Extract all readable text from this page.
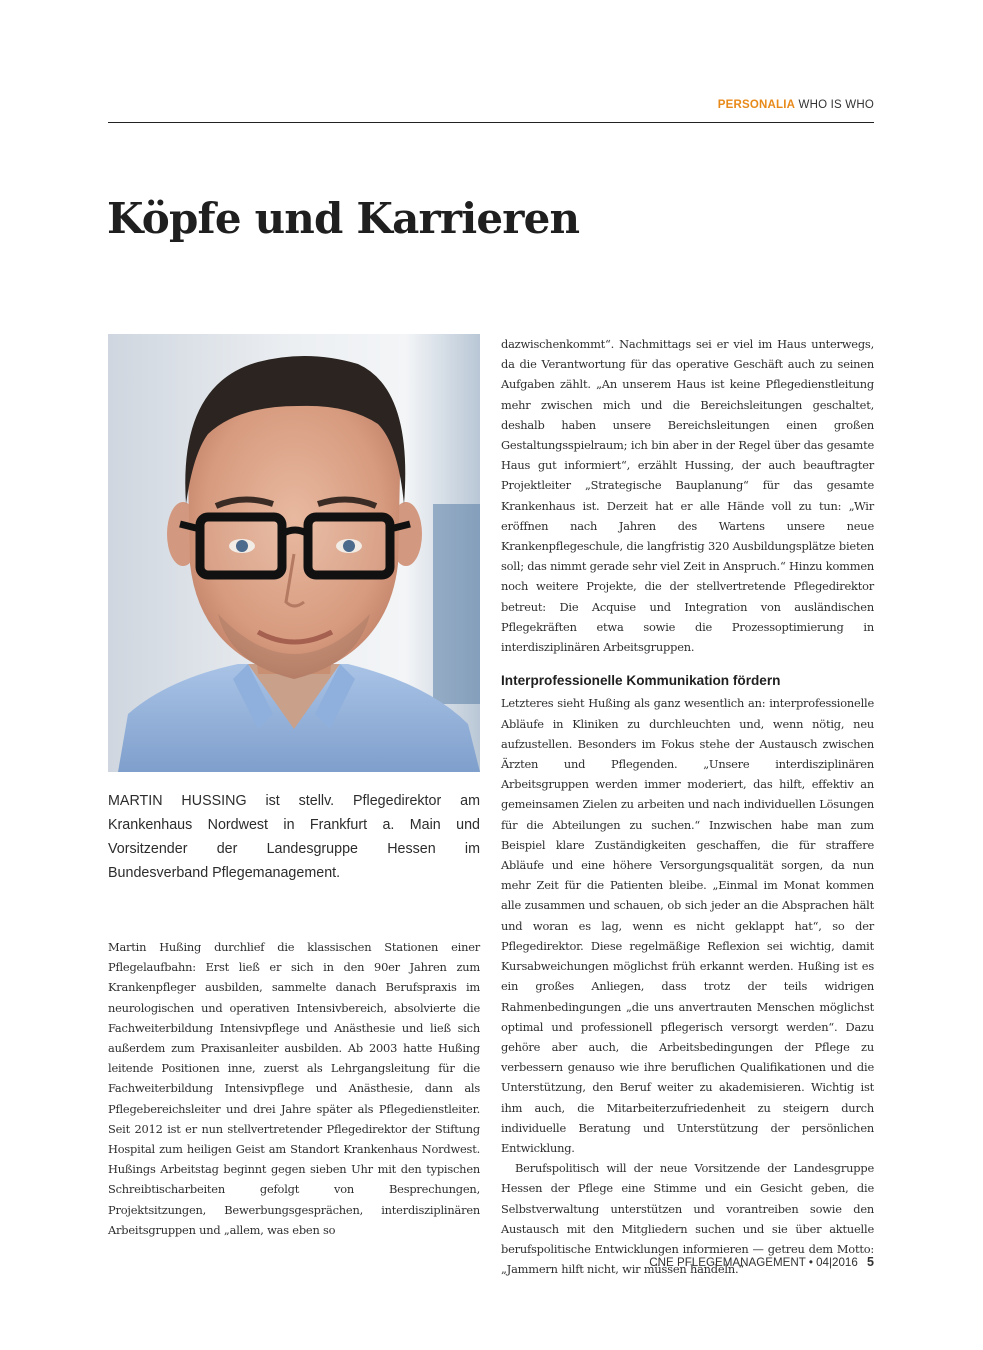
PERSONALIA WHO IS WHO
Köpfe und Karrieren
MARTIN HUSSING ist stellv. Pflegedirektor am Krankenhaus Nordwest in Frankfurt a. Main und Vorsitzender der Landesgruppe Hessen im Bundesverband Pflegemanagement.

Martin Hußing durchlief die klassischen Stationen einer Pflegelaufbahn: Erst ließ er sich in den 90er Jahren zum Krankenpfleger ausbilden, sammelte danach Berufspraxis im neurologischen und operativen Intensivbereich, absolvierte die Fachweiterbildung Intensivpflege und Anästhesie und ließ sich außerdem zum Praxisanleiter ausbilden. Ab 2003 hatte Hußing leitende Positionen inne, zuerst als Lehrgangsleitung für die Fachweiterbildung Intensivpflege und Anästhesie, dann als Pflegebereichsleiter und drei Jahre später als Pflegedienstleiter. Seit 2012 ist er nun stellvertretender Pflegedirektor der Stiftung Hospital zum heiligen Geist am Standort Krankenhaus Nordwest. Hußings Arbeitstag beginnt gegen sieben Uhr mit den typischen Schreibtischarbeiten gefolgt von Besprechungen, Projektsitzungen, Bewerbungsgesprächen, interdisziplinären Arbeitsgruppen und „allem, was eben so

dazwischenkommt“. Nachmittags sei er viel im Haus unterwegs, da die Verantwortung für das operative Geschäft auch zu seinen Aufgaben zählt. „An unserem Haus ist keine Pflegedienstleitung mehr zwischen mich und die Bereichsleitungen geschaltet, deshalb haben unsere Bereichsleitungen einen großen Gestaltungsspielraum; ich bin aber in der Regel über das gesamte Haus gut informiert“, erzählt Hussing, der auch beauftragter Projektleiter „Strategische Bauplanung“ für das gesamte Krankenhaus ist. Derzeit hat er alle Hände voll zu tun: „Wir eröffnen nach Jahren des Wartens unsere neue Krankenpflegeschule, die langfristig 320 Ausbildungsplätze bieten soll; das nimmt gerade sehr viel Zeit in Anspruch.“ Hinzu kommen noch weitere Projekte, die der stellvertretende Pflegedirektor betreut: Die Acquise und Integration von ausländischen Pflegekräften etwa sowie die Prozessoptimierung in interdisziplinären Arbeitsgruppen.

Interprofessionelle Kommunikation fördern

Letzteres sieht Hußing als ganz wesentlich an: interprofessionelle Abläufe in Kliniken zu durchleuchten und, wenn nötig, neu aufzustellen. Besonders im Fokus stehe der Austausch zwischen Ärzten und Pflegenden. „Unsere interdisziplinären Arbeitsgruppen werden immer moderiert, das hilft, effektiv an gemeinsamen Zielen zu arbeiten und nach individuellen Lösungen für die Abteilungen zu suchen.“ Inzwischen habe man zum Beispiel klare Zuständigkeiten geschaffen, die für straffere Abläufe und eine höhere Versorgungsqualität sorgen, da nun mehr Zeit für die Patienten bleibe. „Einmal im Monat kommen alle zusammen und schauen, ob sich jeder an die Absprachen hält und woran es lag, wenn es nicht geklappt hat“, so der Pflegedirektor. Diese regelmäßige Reflexion sei wichtig, damit Kursabweichungen möglichst früh erkannt werden. Hußing ist es ein großes Anliegen, dass trotz der teils widrigen Rahmenbedingungen „die uns anvertrauten Menschen möglichst optimal und professionell pflegerisch versorgt werden“. Dazu gehöre aber auch, die Arbeitsbedingungen der Pflege zu verbessern genauso wie ihre beruflichen Qualifikationen und die Unterstützung, den Beruf weiter zu akademisieren. Wichtig ist ihm auch, die Mitarbeiterzufriedenheit zu steigern durch individuelle Beratung und Unterstützung der persönlichen Entwicklung.

Berufspolitisch will der neue Vorsitzende der Landesgruppe Hessen der Pflege eine Stimme und ein Gesicht geben, die Selbstverwaltung unterstützen und vorantreiben sowie den Austausch mit den Mitgliedern suchen und sie über aktuelle berufspolitische Entwicklungen informieren — getreu dem Motto: „Jammern hilft nicht, wir müssen handeln.“

CNE PFLEGEMANAGEMENT • 04|2016 5
